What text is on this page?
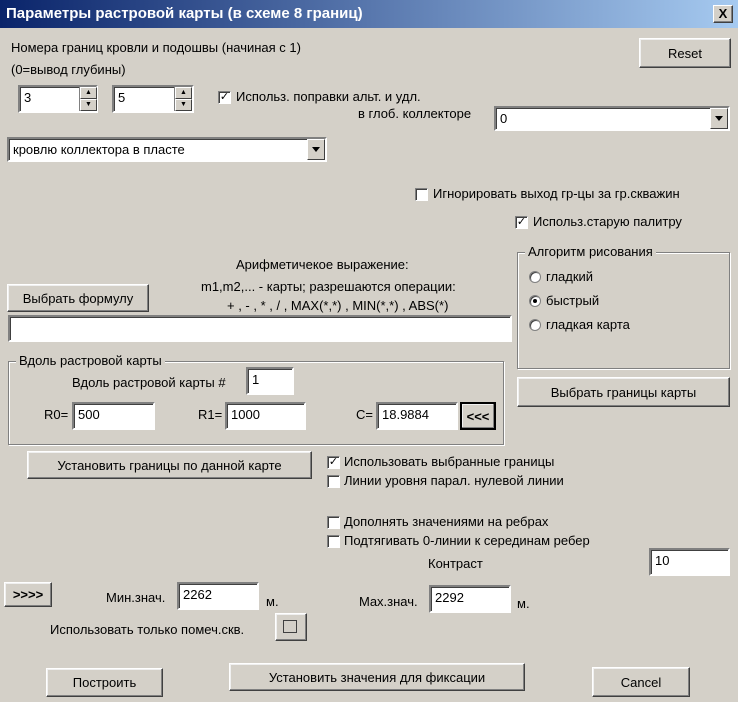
Параметры растровой карты (в схеме 8 границ)	X
Номера границ кровли и подошвы (начиная с 1)
(0=вывод глубины)
3	▲
▼	5	▲
▼
Reset
✓ Использ. поправки альт. и удл.
в глоб. коллекторе	0
кровлю коллектора в пласте
Игнорировать выход гр-цы за гр.скважин
✓ Использ.старую палитру
Арифметичекое выражение:
m1,m2,... - карты; разрешаются операции:
+ , - , * , / , MAX(*,*) , MIN(*,*) , ABS(*)
Выбрать формулу
Алгоритм рисования
гладкий
быстрый
гладкая карта
Вдоль растровой карты
Вдоль растровой карты #	1
R0= 500	R1= 1000	C= 18.9884	<<<
Выбрать границы карты
Установить границы по данной карте	✓ Использовать выбранные границы
Линии уровня парал. нулевой линии
Дополнять значениями на ребрах
Подтягивать 0-линии к серединам ребер
Контраст	10
>>>>	Мин.знач.	2262	м.	Max.знач.	2292	м.
Использовать только помеч.скв.
Построить	Установить значения для фиксации	Cancel
